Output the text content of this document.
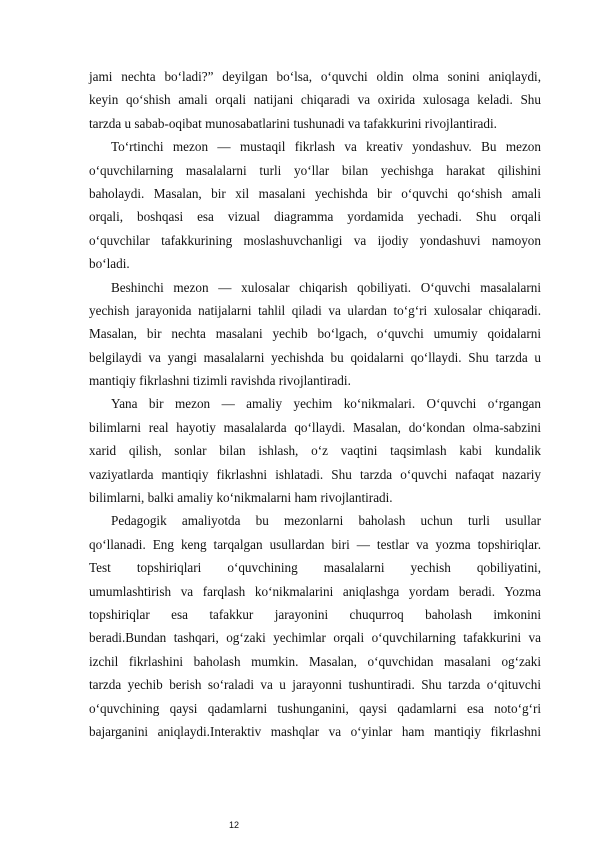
jami nechta bo‘ladi?” deyilgan bo‘lsa, o‘quvchi oldin olma sonini aniqlaydi,
keyin qo‘shish amali orqali natijani chiqaradi va oxirida xulosaga keladi. Shu
tarzda u sabab-oqibat munosabatlarini tushunadi va tafakkurini rivojlantiradi.
To‘rtinchi mezon — mustaqil fikrlash va kreativ yondashuv. Bu mezon
o‘quvchilarning masalalarni turli yo‘llar bilan yechishga harakat qilishini
baholaydi. Masalan, bir xil masalani yechishda bir o‘quvchi qo‘shish amali
orqali, boshqasi esa vizual diagramma yordamida yechadi. Shu orqali
o‘quvchilar tafakkurining moslashuvchanligi va ijodiy yondashuvi namoyon
bo‘ladi.
Beshinchi mezon — xulosalar chiqarish qobiliyati. O‘quvchi masalalarni
yechish jarayonida natijalarni tahlil qiladi va ulardan to‘g‘ri xulosalar chiqaradi.
Masalan, bir nechta masalani yechib bo‘lgach, o‘quvchi umumiy qoidalarni
belgilaydi va yangi masalalarni yechishda bu qoidalarni qo‘llaydi. Shu tarzda u
mantiqiy fikrlashni tizimli ravishda rivojlantiradi.
Yana bir mezon — amaliy yechim ko‘nikmalari. O‘quvchi o‘rgangan
bilimlarni real hayotiy masalalarda qo‘llaydi. Masalan, do‘kondan olma-sabzini
xarid qilish, sonlar bilan ishlash, o‘z vaqtini taqsimlash kabi kundalik
vaziyatlarda mantiqiy fikrlashni ishlatadi. Shu tarzda o‘quvchi nafaqat nazariy
bilimlarni, balki amaliy ko‘nikmalarni ham rivojlantiradi.
Pedagogik amaliyotda bu mezonlarni baholash uchun turli usullar
qo‘llanadi. Eng keng tarqalgan usullardan biri — testlar va yozma topshiriqlar.
Test topshiriqlari o‘quvchining masalalarni yechish qobiliyatini,
umumlashtirish va farqlash ko‘nikmalarini aniqlashga yordam beradi. Yozma
topshiriqlar esa tafakkur jarayonini chuqurroq baholash imkonini
beradi.Bundan tashqari, og‘zaki yechimlar orqali o‘quvchilarning tafakkurini va
izchil fikrlashini baholash mumkin. Masalan, o‘quvchidan masalani og‘zaki
tarzda yechib berish so‘raladi va u jarayonni tushuntiradi. Shu tarzda o‘qituvchi
o‘quvchining qaysi qadamlarni tushunganini, qaysi qadamlarni esa noto‘g‘ri
bajarganini aniqlaydi.Interaktiv mashqlar va o‘yinlar ham mantiqiy fikrlashni
12
